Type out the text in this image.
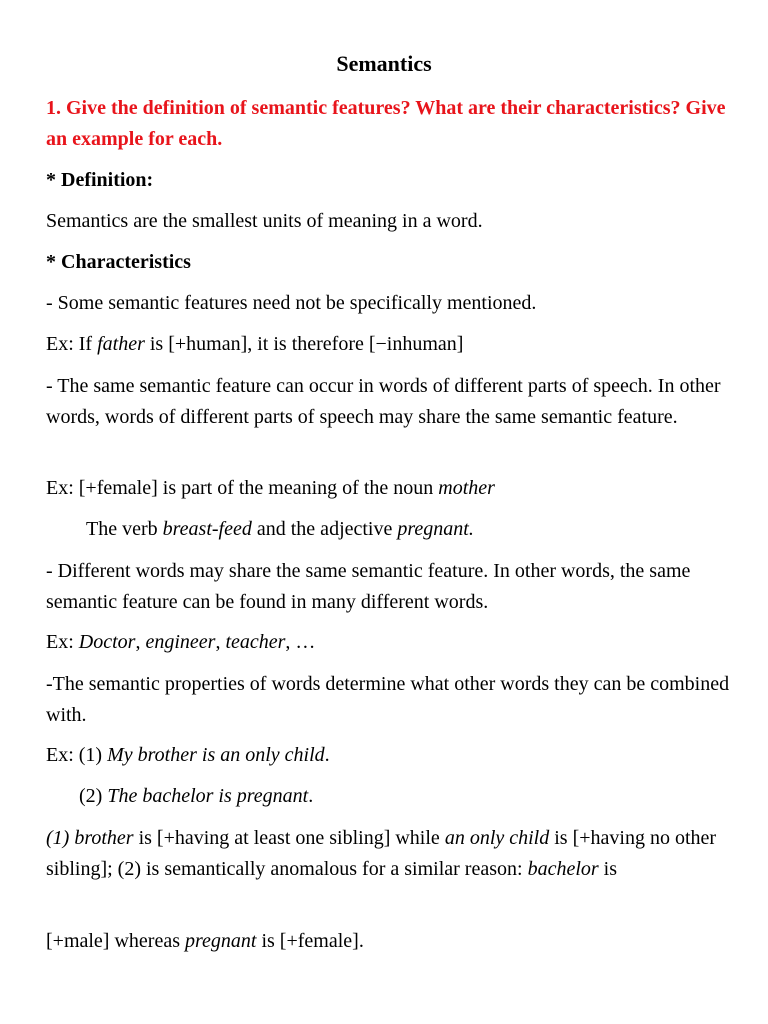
Semantics
1. Give the definition of semantic features? What are their characteristics? Give an example for each.
* Definition:
Semantics are the smallest units of meaning in a word.
* Characteristics
- Some semantic features need not be specifically mentioned.
Ex: If father is [+human], it is therefore [−inhuman]
- The same semantic feature can occur in words of different parts of speech. In other words, words of different parts of speech may share the same semantic feature.
Ex: [+female] is part of the meaning of the noun mother
The verb breast-feed and the adjective pregnant.
- Different words may share the same semantic feature. In other words, the same semantic feature can be found in many different words.
Ex: Doctor, engineer, teacher, …
-The semantic properties of words determine what other words they can be combined with.
Ex: (1) My brother is an only child.
(2) The bachelor is pregnant.
(1) brother is [+having at least one sibling] while an only child is [+having no other sibling]; (2) is semantically anomalous for a similar reason: bachelor is
[+male] whereas pregnant is [+female].
